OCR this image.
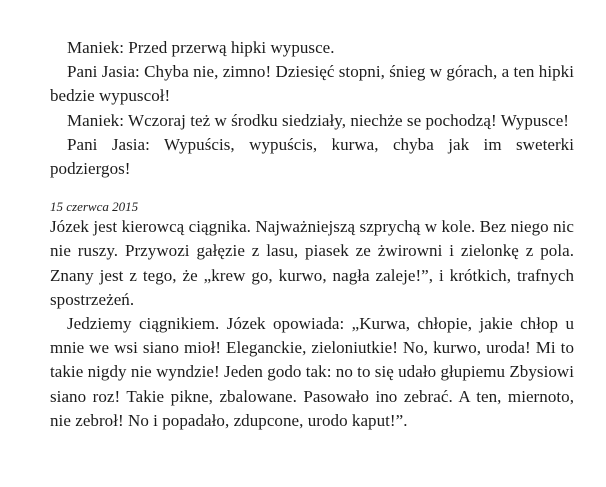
Maniek: Przed przerwą hipki wypusce.

Pani Jasia: Chyba nie, zimno! Dziesięć stopni, śnieg w górach, a ten hipki bedzie wypuscoł!

Maniek: Wczoraj też w środku siedziały, niechże se pochodzą! Wypusce!

Pani Jasia: Wypuścis, wypuścis, kurwa, chyba jak im sweterki podziergos!

15 czerwca 2015

Józek jest kierowcą ciągnika. Najważniejszą szprychą w kole. Bez niego nic nie ruszy. Przywozi gałęzie z lasu, piasek ze żwirowni i zielonkę z pola. Znany jest z tego, że „krew go, kurwo, nagła zaleje!”, i krótkich, trafnych spostrzeżeń.

Jedziemy ciągnikiem. Józek opowiada: „Kurwa, chłopie, jakie chłop u mnie we wsi siano mioł! Eleganckie, zieloniutkie! No, kurwo, uroda! Mi to takie nigdy nie wyndzie! Jeden godo tak: no to się udało głupiemu Zbysiowi siano roz! Takie pikne, zbalowane. Pasowało ino zebrać. A ten, miernoto, nie zebroł! No i popadało, zdupcone, urodo kaput!”.
